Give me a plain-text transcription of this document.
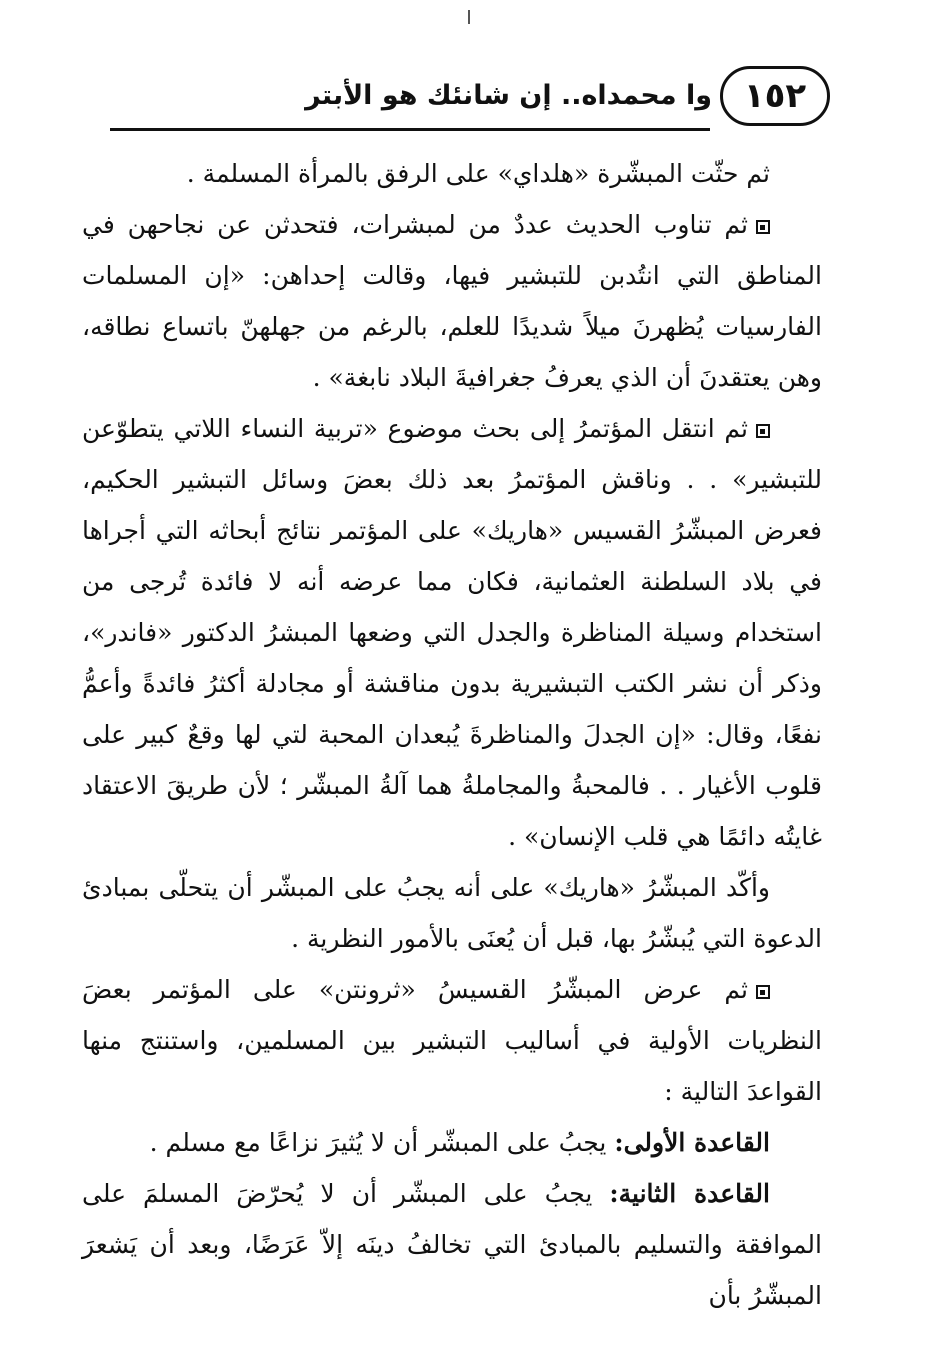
١٥٢
وا محمداه.. إن شانئك هو الأبتر

ثم حثّت المبشّرة «هلداي» على الرفق بالمرأة المسلمة .

ثم تناوب الحديث عددٌ من لمبشرات، فتحدثن عن نجاحهن في المناطق التي انتُدبن للتبشير فيها، وقالت إحداهن: «إن المسلمات الفارسيات يُظهرنَ ميلاً شديدًا للعلم، بالرغم من جهلهنّ باتساع نطاقه، وهن يعتقدنَ أن الذي يعرفُ جغرافيةَ البلاد نابغة» .

ثم انتقل المؤتمرُ إلى بحث موضوع «تربية النساء اللاتي يتطوّعن للتبشير» . . وناقش المؤتمرُ بعد ذلك بعضَ وسائل التبشير الحكيم، فعرض المبشّرُ القسيس «هاريك» على المؤتمر نتائج أبحاثه التي أجراها في بلاد السلطنة العثمانية، فكان مما عرضه أنه لا فائدة تُرجى من استخدام وسيلة المناظرة والجدل التي وضعها المبشرُ الدكتور «فاندر»، وذكر أن نشر الكتب التبشيرية بدون مناقشة أو مجادلة أكثرُ فائدةً وأعمُّ نفعًا، وقال: «إن الجدلَ والمناظرةَ يُبعدان المحبة لتي لها وقعٌ كبير على قلوب الأغيار . . فالمحبةُ والمجاملةُ هما آلةُ المبشّر ؛ لأن طريقَ الاعتقاد غايتُه دائمًا هي قلب الإنسان» .

وأكّد المبشّرُ «هاريك» على أنه يجبُ على المبشّر أن يتحلّى بمبادئ الدعوة التي يُبشّرُ بها، قبل أن يُعنَى بالأمور النظرية .

ثم عرض المبشّرُ القسيسُ «ثرونتن» على المؤتمر بعضَ النظريات الأولية في أساليب التبشير بين المسلمين، واستنتج منها القواعدَ التالية :

القاعدة الأولى: يجبُ على المبشّر أن لا يُثيرَ نزاعًا مع مسلم .

القاعدة الثانية: يجبُ على المبشّر أن لا يُحرّضَ المسلمَ على الموافقة والتسليم بالمبادئ التي تخالفُ دينَه إلاّ عَرَضًا، وبعد أن يَشعرَ المبشّرُ بأن
